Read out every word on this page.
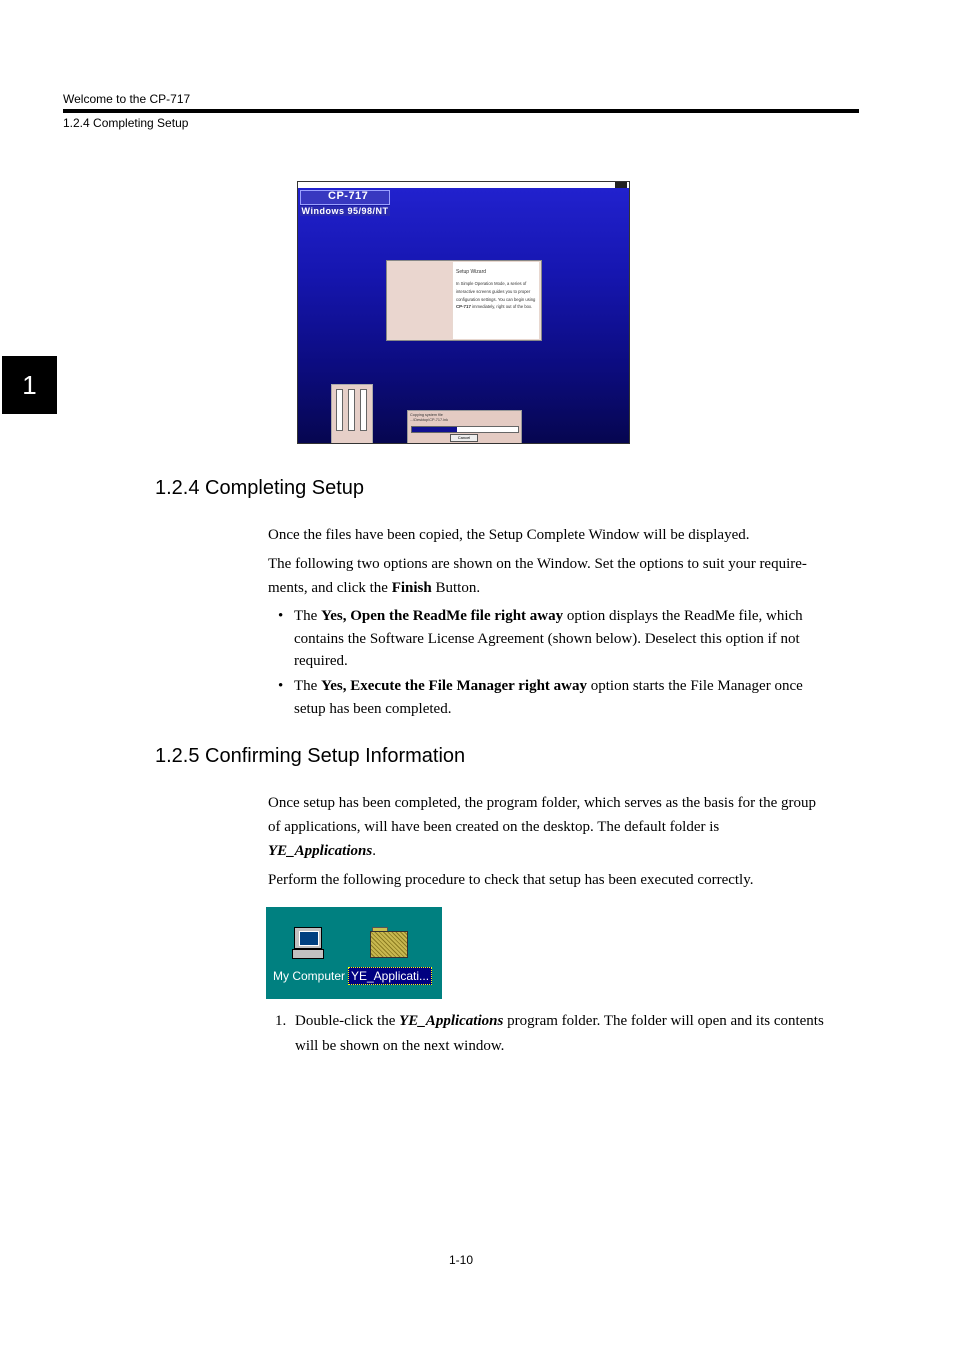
Welcome to the CP-717
1.2.4 Completing Setup
1
CP-717
Windows 95/98/NT
Setup Wizard
In Simple Operation Mode, a series of interactive screens guides you to proper configuration settings. You can begin using CP-717 immediately, right out of the box.
Copying system file
...\Desktop\CP-717.lnk
42 %
Cancel
1.2.4 Completing Setup
Once the files have been copied, the Setup Complete Window will be displayed.
The following two options are shown on the Window. Set the options to suit your require-
ments, and click the Finish Button.
• The Yes, Open the ReadMe file right away option displays the ReadMe file, which
contains the Software License Agreement (shown below). Deselect this option if not
required.
• The Yes, Execute the File Manager right away option starts the File Manager once
setup has been completed.
1.2.5 Confirming Setup Information
Once setup has been completed, the program folder, which serves as the basis for the group
of applications, will have been created on the desktop. The default folder is
YE_Applications.
Perform the following procedure to check that setup has been executed correctly.
My Computer YE_Applicati...
1. Double-click the YE_Applications program folder. The folder will open and its contents
will be shown on the next window.
1-10
